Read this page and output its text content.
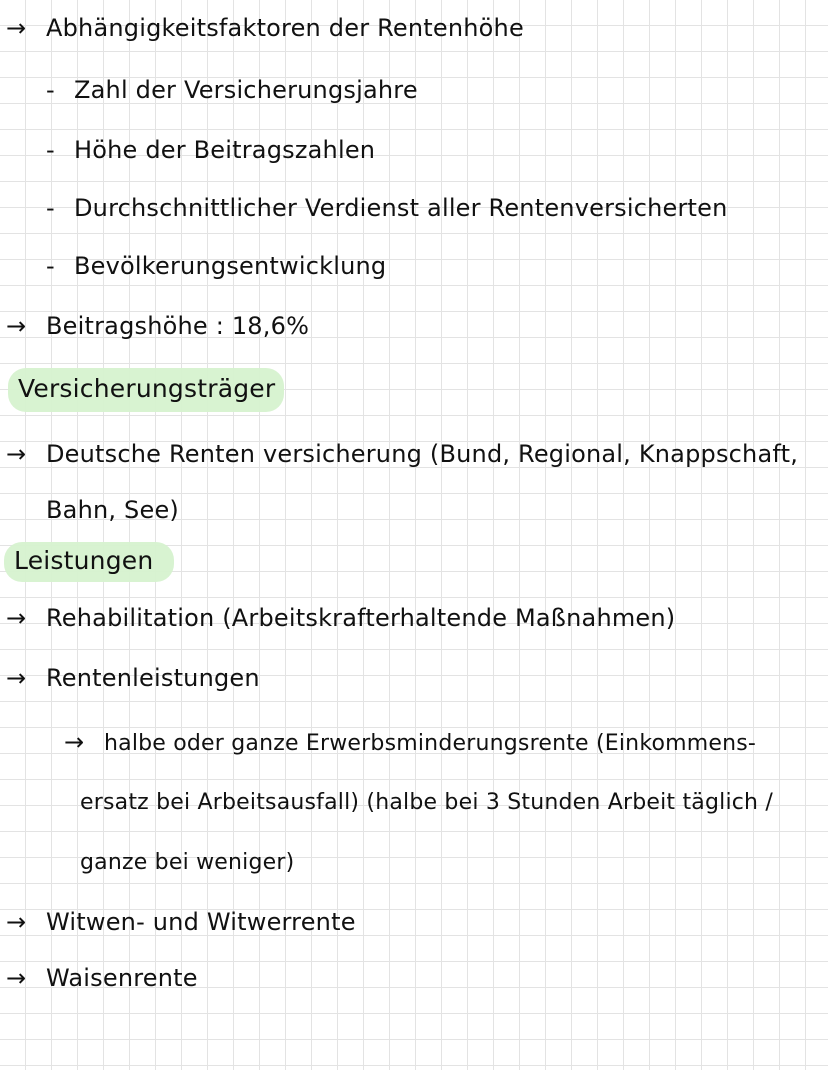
→ Abhängigkeitsfaktoren der Rentenhöhe
- Zahl der Versicherungsjahre
- Höhe der Beitragszahlen
- Durchschnittlicher Verdienst aller Rentenversicherten
- Bevölkerungsentwicklung
→ Beitragshöhe : 18,6%
Versicherungsträger
→ Deutsche Renten versicherung (Bund, Regional, Knappschaft,
Bahn, See)
Leistungen
→ Rehabilitation (Arbeitskrafterhaltende Maßnahmen)
→ Rentenleistungen
→ halbe oder ganze Erwerbsminderungsrente (Einkommens-
ersatz bei Arbeitsausfall) (halbe bei 3 Stunden Arbeit täglich /
ganze bei weniger)
→ Witwen- und Witwerrente
→ Waisenrente
